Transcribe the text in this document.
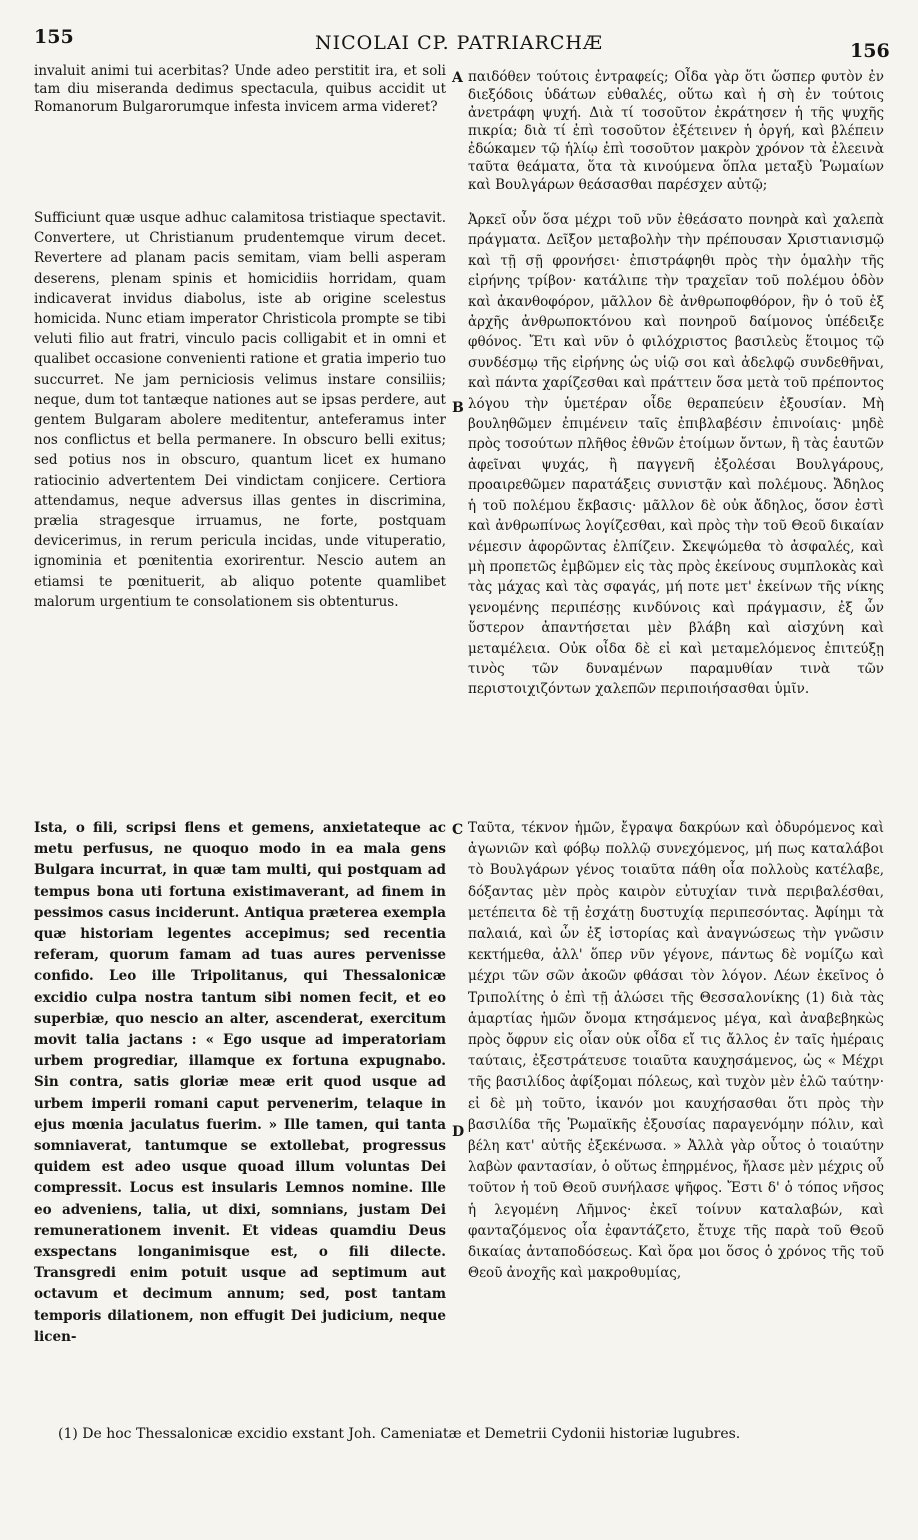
155	NICOLAI CP. PATRIARCHÆ	156

invaluit animi tui acerbitas? Unde adeo perstitit ira, et soli tam diu miseranda dedimus spectacula, quibus accidit ut Romanorum Bulgarorumque infesta invicem arma videret?

παιδόθεν τούτοις ἐντραφείς; Οἶδα γὰρ ὅτι ὥσπερ φυτὸν ἐν διεξόδοις ὑδάτων εὐθαλές, οὕτω καὶ ἡ σὴ ἐν τούτοις ἀνετράφη ψυχή. Διὰ τί τοσοῦτον ἐκράτησεν ἡ τῆς ψυχῆς πικρία; διὰ τί ἐπὶ τοσοῦτον ἐξέτεινεν ἡ ὀργή, καὶ βλέπειν ἐδώκαμεν τῷ ἡλίῳ ἐπὶ τοσοῦτον μακρὸν χρόνον τὰ ἐλεεινὰ ταῦτα θεάματα, ὅτα τὰ κινούμενα ὅπλα μεταξὺ Ῥωμαίων καὶ Βουλγάρων θεάσασθαι παρέσχεν αὐτῷ;

A

Sufficiunt quæ usque adhuc calamitosa tristiaque spectavit. Convertere, ut Christianum prudentemque virum decet. Revertere ad planam pacis semitam, viam belli asperam deserens, plenam spinis et homicidiis horridam, quam indicaverat invidus diabolus, iste ab origine scelestus homicida. Nunc etiam imperator Christicola prompte se tibi veluti filio aut fratri, vinculo pacis colligabit et in omni et qualibet occasione convenienti ratione et gratia imperio tuo succurret. Ne jam perniciosis velimus instare consiliis; neque, dum tot tantæque nationes aut se ipsas perdere, aut gentem Bulgaram abolere meditentur, anteferamus inter nos conflictus et bella permanere. In obscuro belli exitus; sed potius nos in obscuro, quantum licet ex humano ratiocinio advertentem Dei vindictam conjicere. Certiora attendamus, neque adversus illas gentes in discrimina, prælia stragesque irruamus, ne forte, postquam devicerimus, in rerum pericula incidas, unde vituperatio, ignominia et pœnitentia exorirentur. Nescio autem an etiamsi te pœnituerit, ab aliquo potente quamlibet malorum urgentium te consolationem sis obtenturus.

Ἀρκεῖ οὖν ὅσα μέχρι τοῦ νῦν ἐθεάσατο πονηρὰ καὶ χαλεπὰ πράγματα. Δεῖξον μεταβολὴν τὴν πρέπουσαν Χριστιανισμῷ καὶ τῇ σῇ φρονήσει· ἐπιστράφηθι πρὸς τὴν ὁμαλὴν τῆς εἰρήνης τρίβον· κατάλιπε τὴν τραχεῖαν τοῦ πολέμου ὁδὸν καὶ ἀκανθοφόρον, μᾶλλον δὲ ἀνθρωποφθόρον, ἣν ὁ τοῦ ἐξ ἀρχῆς ἀνθρωποκτόνου καὶ πονηροῦ δαίμονος ὑπέδειξε φθόνος. Ἔτι καὶ νῦν ὁ φιλόχριστος βασιλεὺς ἕτοιμος τῷ συνδέσμῳ τῆς εἰρήνης ὡς υἱῷ σοι καὶ ἀδελφῷ συνδεθῆναι, καὶ πάντα χαρίζεσθαι καὶ πράττειν ὅσα μετὰ τοῦ πρέποντος λόγου τὴν ὑμετέραν οἶδε θεραπεύειν ἐξουσίαν. Μὴ βουληθῶμεν ἐπιμένειν ταῖς ἐπιβλαβέσιν ἐπινοίαις· μηδὲ πρὸς τοσούτων πλῆθος ἐθνῶν ἑτοίμων ὄντων, ἢ τὰς ἑαυτῶν ἀφεῖναι ψυχάς, ἢ παγγενῆ ἐξολέσαι Βουλγάρους, προαιρεθῶμεν παρατάξεις συνιστᾷν καὶ πολέμους. Ἄδηλος ἡ τοῦ πολέμου ἔκβασις· μᾶλλον δὲ οὐκ ἄδηλος, ὅσον ἐστὶ καὶ ἀνθρωπίνως λογίζεσθαι, καὶ πρὸς τὴν τοῦ Θεοῦ δικαίαν νέμεσιν ἀφορῶντας ἐλπίζειν. Σκεψώμεθα τὸ ἀσφαλές, καὶ μὴ προπετῶς ἐμβῶμεν εἰς τὰς πρὸς ἐκείνους συμπλοκὰς καὶ τὰς μάχας καὶ τὰς σφαγάς, μή ποτε μετ' ἐκείνων τῆς νίκης γενομένης περιπέσῃς κινδύνοις καὶ πράγμασιν, ἐξ ὧν ὕστερον ἀπαντήσεται μὲν βλάβη καὶ αἰσχύνη καὶ μεταμέλεια. Οὐκ οἶδα δὲ εἰ καὶ μεταμελόμενος ἐπιτεύξῃ τινὸς τῶν δυναμένων παραμυθίαν τινὰ τῶν περιστοιχιζόντων χαλεπῶν περιποιήσασθαι ὑμῖν.

B

Ista, o fili, scripsi flens et gemens, anxietateque ac metu perfusus, ne quoquo modo in ea mala gens Bulgara incurrat, in quæ tam multi, qui postquam ad tempus bona uti fortuna existimaverant, ad finem in pessimos casus inciderunt. Antiqua præterea exempla quæ historiam legentes accepimus; sed recentia referam, quorum famam ad tuas aures pervenisse confido. Leo ille Tripolitanus, qui Thessalonicæ excidio culpa nostra tantum sibi nomen fecit, et eo superbiæ, quo nescio an alter, ascenderat, exercitum movit talia jactans : « Ego usque ad imperatoriam urbem progrediar, illamque ex fortuna expugnabo. Sin contra, satis gloriæ meæ erit quod usque ad urbem imperii romani caput pervenerim, telaque in ejus mœnia jaculatus fuerim. » Ille tamen, qui tanta somniaverat, tantumque se extollebat, progressus quidem est adeo usque quoad illum voluntas Dei compressit. Locus est insularis Lemnos nomine. Ille eo adveniens, talia, ut dixi, somnians, justam Dei remunerationem invenit. Et videas quamdiu Deus exspectans longanimisque est, o fili dilecte. Transgredi enim potuit usque ad septimum aut octavum et decimum annum; sed, post tantam temporis dilationem, non effugit Dei judicium, neque licen-

Ταῦτα, τέκνον ἡμῶν, ἔγραψα δακρύων καὶ ὀδυρόμενος καὶ ἀγωνιῶν καὶ φόβῳ πολλῷ συνεχόμενος, μή πως καταλάβοι τὸ Βουλγάρων γένος τοιαῦτα πάθη οἷα πολλοὺς κατέλαβε, δόξαντας μὲν πρὸς καιρὸν εὐτυχίαν τινὰ περιβαλέσθαι, μετέπειτα δὲ τῇ ἐσχάτῃ δυστυχίᾳ περιπεσόντας. Ἀφίημι τὰ παλαιά, καὶ ὧν ἐξ ἱστορίας καὶ ἀναγνώσεως τὴν γνῶσιν κεκτήμεθα, ἀλλ' ὅπερ νῦν γέγονε, πάντως δὲ νομίζω καὶ μέχρι τῶν σῶν ἀκοῶν φθάσαι τὸν λόγον. Λέων ἐκεῖνος ὁ Τριπολίτης ὁ ἐπὶ τῇ ἁλώσει τῆς Θεσσαλονίκης (1) διὰ τὰς ἁμαρτίας ἡμῶν ὄνομα κτησάμενος μέγα, καὶ ἀναβεβηκὼς πρὸς ὄφρυν εἰς οἷαν οὐκ οἶδα εἴ τις ἄλλος ἐν ταῖς ἡμέραις ταύταις, ἐξεστράτευσε τοιαῦτα καυχησάμενος, ὡς « Μέχρι τῆς βασιλίδος ἀφίξομαι πόλεως, καὶ τυχὸν μὲν ἑλῶ ταύτην· εἰ δὲ μὴ τοῦτο, ἱκανόν μοι καυχήσασθαι ὅτι πρὸς τὴν βασιλίδα τῆς Ῥωμαϊκῆς ἐξουσίας παραγενόμην πόλιν, καὶ βέλη κατ' αὐτῆς ἐξεκένωσα. » Ἀλλὰ γὰρ οὗτος ὁ τοιαύτην λαβὼν φαντασίαν, ὁ οὕτως ἐπηρμένος, ἤλασε μὲν μέχρις οὗ τοῦτον ἡ τοῦ Θεοῦ συνήλασε ψῆφος. Ἔστι δ' ὁ τόπος νῆσος ἡ λεγομένη Λῆμνος· ἐκεῖ τοίνυν καταλαβών, καὶ φανταζόμενος οἷα ἐφαντάζετο, ἔτυχε τῆς παρὰ τοῦ Θεοῦ δικαίας ἀνταποδόσεως. Καὶ ὅρα μοι ὅσος ὁ χρόνος τῆς τοῦ Θεοῦ ἀνοχῆς καὶ μακροθυμίας,

C
D
(1) De hoc Thessalonicæ excidio exstant Joh. Cameniatæ et Demetrii Cydonii historiæ lugubres.
